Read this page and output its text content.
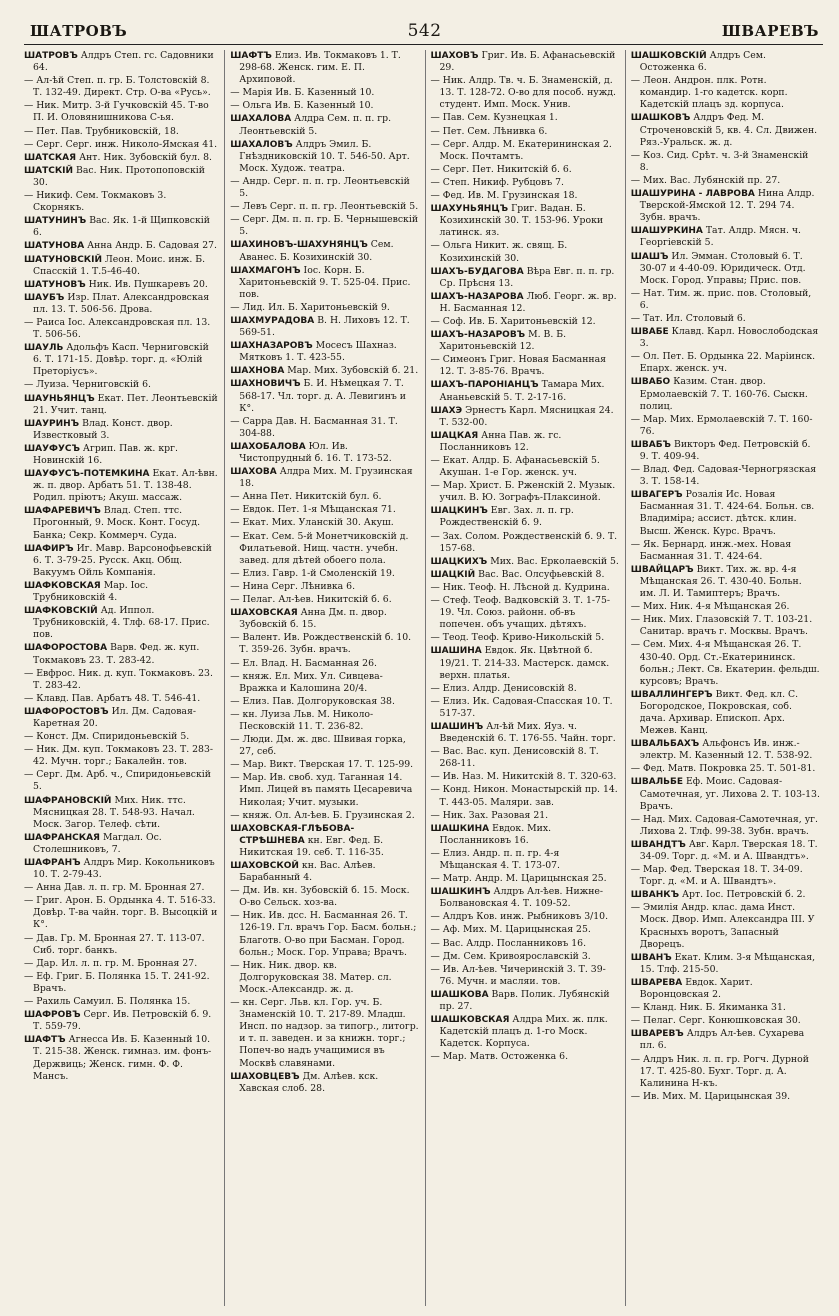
ШАТРОВЪ	542	ШВАРЕВЪ

ШАТРОВЪ Алдръ Степ. гс. Садовники 64.

— Ал-ѣй Степ. п. гр. Б. Толстовскій 8. Т. 132-49. Директ. Стр. О-ва «Русь».

— Ник. Митр. 3-й Гучковскій 45. Т-во П. И. Оловянишникова С-ья.

— Пет. Пав. Трубниковскій, 18.

— Серг. Серг. инж. Николо-Ямская 41.

ШАТСКАЯ Ант. Ник. Зубовскій бул. 8.

ШАТСКІЙ Вас. Ник. Протопоповскій 30.

— Никиф. Сем. Токмаковъ 3. Скорнякъ.

ШАТУНИНЪ Вас. Як. 1-й Щипковскій 6.

ШАТУНОВА Анна Андр. Б. Садовая 27.

ШАТУНОВСКІЙ Леон. Моис. инж. Б. Спасскій 1. Т.5-46-40.

ШАТУНОВЪ Ник. Ив. Пушкаревъ 20.

ШАУБЪ Изр. Плат. Александровская пл. 13. Т. 506-56. Дрова.

— Раиса Іос. Александровская пл. 13. Т. 506-56.

ШАУЛЬ Адольфъ Касп. Черниговскій 6. Т. 171-15. Довѣр. торг. д. «Юлій Преторіусъ».

— Луиза. Черниговскій 6.

ШАУНЬЯНЦЪ Екат. Пет. Леонтьевскій 21. Учит. танц.

ШАУРИНЪ Влад. Конст. двор. Известковый 3.

ШАУФУСЪ Агрип. Пав. ж. крг. Новинскій 16.

ШАУФУСЪ-ПОТЕМКИНА Екат. Ал-ѣвн. ж. п. двор. Арбатъ 51. Т. 138-48. Родил. пріютъ; Акуш. массаж.

ШАФАРЕВИЧЪ Влад. Степ. ттс. Прогонный, 9. Моск. Конт. Госуд. Банка; Секр. Коммерч. Суда.

ШАФИРЪ Иг. Мавр. Варсонофьевскій 6. Т. 3-79-25. Русск. Акц. Общ. Вакуумъ Ойль Компанія.

ШАФКОВСКАЯ Мар. Іос. Трубниковскій 4.

ШАФКОВСКІЙ Ад. Иппол. Трубниковскій, 4. Тлф. 68-17. Прис. пов.

ШАФОРОСТОВА Варв. Фед. ж. куп. Токмаковъ 23. Т. 283-42.

— Евфрос. Ник. д. куп. Токмаковъ. 23. Т. 283-42.

— Клавд. Пав. Арбатъ 48. Т. 546-41.

ШАФОРОСТОВЪ Ил. Дм. Садовая-Каретная 20.

— Конст. Дм. Спиридоньевскій 5.

— Ник. Дм. куп. Токмаковъ 23. Т. 283-42. Мучн. торг.; Бакалейн. тов.

— Серг. Дм. Арб. ч., Спиридоньевскій 5.

ШАФРАНОВСКІЙ Мих. Ник. ттс. Мясницкая 28. Т. 548-93. Начал. Моск. Загор. Телеф. сѣти.

ШАФРАНСКАЯ Магдал. Ос. Столешниковъ, 7.

ШАФРАНЪ Алдръ Мир. Кокольниковъ 10. Т. 2-79-43.

— Анна Дав. л. п. гр. М. Бронная 27.

— Григ. Арон. Б. Ордынка 4. Т. 516-33. Довѣр. Т-ва чайн. торг. В. Высоцкій и К°.

— Дав. Гр. М. Бронная 27. Т. 113-07. Сиб. торг. банкъ.

— Дар. Ил. л. п. гр. М. Бронная 27.

— Еф. Григ. Б. Полянка 15. Т. 241-92. Врачъ.

— Рахиль Самуил. Б. Полянка 15.

ШАФРОВЪ Серг. Ив. Петровскій б. 9. Т. 559-79.

ШАФТЪ Агнесса Ив. Б. Казенный 10. Т. 215-38. Женск. гимназ. им. фонъ-Держвиць; Женск. гимн. Ф. Ф. Мансъ.

ШАФТЪ Елиз. Ив. Токмаковъ 1. Т. 298-68. Женск. гим. Е. П. Архиповой.

— Марія Ив. Б. Казенный 10.

— Ольга Ив. Б. Казенный 10.

ШАХАЛОВА Алдра Сем. п. п. гр. Леонтьевскій 5.

ШАХАЛОВЪ Алдръ Эмил. Б. Гнѣздниковскій 10. Т. 546-50. Арт. Моск. Худож. театра.

— Андр. Серг. п. п. гр. Леонтьевскій 5.

— Левъ Серг. п. п. гр. Леонтьевскій 5.

— Серг. Дм. п. п. гр. Б. Чернышевскій 5.

ШАХИНОВЪ-ШАХУНЯНЦЪ Сем. Аванес. Б. Козихинскій 30.

ШАХМАГОНЪ Іос. Корн. Б. Харитоньевскій 9. Т. 525-04. Прис. пов.

— Лид. Ил. Б. Харитоньевскій 9.

ШАХМУРАДОВА В. Н. Лиховъ 12. Т. 569-51.

ШАХНАЗАРОВЪ Мосесъ Шахназ. Мятковъ 1. Т. 423-55.

ШАХНОВА Мар. Мих. Зубовскій б. 21.

ШАХНОВИЧЪ Б. И. Нѣмецкая 7. Т. 568-17. Чл. торг. д. А. Левигинъ и К°.

— Сарра Дав. Н. Басманная 31. Т. 304-88.

ШАХОБАЛОВА Юл. Ив. Чистопрудный б. 16. Т. 173-52.

ШАХОВА Алдра Мих. М. Грузинская 18.

— Анна Пет. Никитскій бул. 6.

— Евдок. Пет. 1-я Мѣщанская 71.

— Екат. Мих. Уланскій 30. Акуш.

— Екат. Сем. 5-й Монетчиковскій д. Филатьевой. Нищ. частн. учебн. завед. для дѣтей обоего пола.

— Елиз. Гавр. 1-й Смоленскій 19.

— Нина Серг. Лѣнивка 6.

— Пелаг. Ал-ѣев. Никитскій б. 6.

ШАХОВСКАЯ Анна Дм. п. двор. Зубовскій б. 15.

— Валент. Ив. Рождественскій б. 10. Т. 359-26. Зубн. врачъ.

— Ел. Влад. Н. Басманная 26.

— княж. Ел. Мих. Ул. Сивцева-Вражка и Калошина 20/4.

— Елиз. Пав. Долгоруковская 38.

— кн. Луиза Льв. М. Николо-Песковскій 11. Т. 236-82.

— Люди. Дм. ж. двс. Швивая горка, 27, себ.

— Мар. Викт. Тверская 17. Т. 125-99.

— Мар. Ив. своб. худ. Таганная 14. Имп. Лицей въ память Цесаревича Николая; Учит. музыки.

— княж. Ол. Ал-ѣев. Б. Грузинская 2.

ШАХОВСКАЯ-ГЛѢБОВА-СТРѢШНЕВА кн. Евг. Фед. Б. Никитская 19. себ. Т. 116-35.

ШАХОВСКОЙ кн. Вас. Алѣев. Барабанный 4.

— Дм. Ив. кн. Зубовскій б. 15. Моск. О-во Сельск. хоз-ва.

— Ник. Ив. дсс. Н. Басманная 26. Т. 126-19. Гл. врачъ Гор. Басм. больн.; Благотв. О-во при Басман. Город. больн.; Моск. Гор. Управа; Врачъ.

— Ник. Ник. двор. кв. Долгоруковская 38. Матер. сл. Моск.-Александр. ж. д.

— кн. Серг. Льв. кл. Гор. уч. Б. Знаменскій 10. Т. 217-89. Младш. Инсп. по надзор. за типогр., литогр. и т. п. заведен. и за книжн. торг.; Попеч-во надъ учащимися въ Москвѣ славянами.

ШАХОВЦЕВЪ Дм. Алѣев. кск. Хавская слоб. 28.

ШАХОВЪ Григ. Ив. Б. Афанасьевскій 29.

— Ник. Алдр. Тв. ч. Б. Знаменскій, д. 13. Т. 128-72. О-во для пособ. нужд. студент. Имп. Моск. Унив.

— Пав. Сем. Кузнецкая 1.

— Пет. Сем. Лѣнивка 6.

— Серг. Алдр. М. Екатерининская 2. Моск. Почтамтъ.

— Серг. Пет. Никитскій б. 6.

— Степ. Никиф. Рубцовъ 7.

— Фед. Ив. М. Грузинская 18.

ШАХУНЬЯНЦЪ Григ. Вадан. Б. Козихинскій 30. Т. 153-96. Уроки латинск. яз.

— Ольга Никит. ж. свящ. Б. Козихинскій 30.

ШАХЪ-БУДАГОВА Вѣра Евг. п. п. гр. Ср. Прѣсня 13.

ШАХЪ-НАЗАРОВА Люб. Георг. ж. вр. Н. Басманная 12.

— Соф. Ив. Б. Харитоньевскій 12.

ШАХЪ-НАЗАРОВЪ М. В. Б. Харитоньевскій 12.

— Симеонъ Григ. Новая Басманная 12. Т. 3-85-76. Врачъ.

ШАХЪ-ПАРОНІАНЦЪ Тамара Мих. Ананьевскій 5. Т. 2-17-16.

ШАХЭ Эрнестъ Карл. Мясницкая 24. Т. 532-00.

ШАЦКАЯ Анна Пав. ж. гс. Посланниковъ 12.

— Екат. Алдр. Б. Афанасьевскій 5. Акушан. 1-е Гор. женск. уч.

— Мар. Христ. Б. Рженскій 2. Музык. учил. В. Ю. Зографъ-Плаксиной.

ШАЦКИНЪ Евг. Зах. л. п. гр. Рождественскій б. 9.

— Зах. Солом. Рождественскій б. 9. Т. 157-68.

ШАЦКИХЪ Мих. Вас. Ерколаевскій 5.

ШАЦКІЙ Вас. Вас. Олсуфьевскій 8.

— Ник. Теоф. Н. Лѣсной д. Кудрина.

— Стеф. Теоф. Вадковскій 3. Т. 1-75-19. Чл. Союз. районн. об-въ попечен. объ учащих. дѣтяхъ.

— Теод. Теоф. Криво-Никольскій 5.

ШАШИНА Евдок. Як. Цвѣтной б. 19/21. Т. 214-33. Мастерск. дамск. верхн. платья.

— Елиз. Алдр. Денисовскій 8.

— Елиз. Ик. Садовая-Спасская 10. Т. 517-37.

ШАШИНЪ Ал-ѣй Мих. Яуз. ч. Введенскій 6. Т. 176-55. Чайн. торг.

— Вас. Вас. куп. Денисовскій 8. Т. 268-11.

— Ив. Наз. М. Никитскій 8. Т. 320-63.

— Конд. Никон. Монастырскій пр. 14. Т. 443-05. Маляри. зав.

— Ник. Зах. Разовая 21.

ШАШКИНА Евдок. Мих. Посланниковъ 16.

— Елиз. Андр. п. п. гр. 4-я Мѣщанская 4. Т. 173-07.

— Матр. Андр. М. Царицынская 25.

ШАШКИНЪ Алдръ Ал-ѣев. Нижне-Болвановская 4. Т. 109-52.

— Алдръ Ков. инж. Рыбниковъ 3/10.

— Аф. Мих. М. Царицынская 25.

— Вас. Алдр. Посланниковъ 16.

— Дм. Сем. Кривоярославскій 3.

— Ив. Ал-ѣев. Чичеринскій 3. Т. 39-76. Мучн. и масляи. тов.

ШАШКОВА Варв. Полик. Лубянскій пр. 27.

ШАШКОВСКАЯ Алдра Мих. ж. плк. Кадетскій плацъ д. 1-го Моск. Кадетск. Корпуса.

— Мар. Матв. Остоженка 6.

ШАШКОВСКІЙ Алдръ Сем. Остоженка 6.

— Леон. Андрон. плк. Ротн. командир. 1-го кадетск. корп. Кадетскій плацъ зд. корпуса.

ШАШКОВЪ Алдръ Фед. М. Строченовскій 5, кв. 4. Сл. Движен. Ряз.-Уральск. ж. д.

— Коз. Сид. Срѣт. ч. 3-й Знаменскій 8.

— Мих. Вас. Лубянскій пр. 27.

ШАШУРИНА - ЛАВРОВА Нина Алдр. Тверской-Ямской 12. Т. 294 74. Зубн. врачъ.

ШАШУРКИНА Тат. Алдр. Мясн. ч. Георгіевскій 5.

ШАШЪ Ил. Эмман. Столовый 6. Т. 30-07 и 4-40-09. Юридическ. Отд. Моск. Город. Управы; Прис. пов.

— Нат. Тим. ж. прис. пов. Столовый, 6.

— Тат. Ил. Столовый 6.

ШВАБЕ Клавд. Карл. Новослободская 3.

— Ол. Пет. Б. Ордынка 22. Маріинск. Епарх. женск. уч.

ШВАБО Казим. Стан. двор. Ермолаевскій 7. Т. 160-76. Сыскн. полиц.

— Мар. Мих. Ермолаевскій 7. Т. 160-76.

ШВАБЪ Викторъ Фед. Петровскій б. 9. Т. 409-94.

— Влад. Фед. Садовая-Черногрязская 3. Т. 158-14.

ШВАГЕРЪ Розалія Ис. Новая Басманная 31. Т. 424-64. Больн. св. Владиміра; ассист. дѣтск. клин. Высш. Женск. Курс. Врачъ.

— Як. Бернард. инж.-мех. Новая Басманная 31. Т. 424-64.

ШВАЙЦАРЪ Викт. Тих. ж. вр. 4-я Мѣщанская 26. Т. 430-40. Больн. им. Л. И. Тамиптеръ; Врачъ.

— Мих. Ник. 4-я Мѣщанская 26.

— Ник. Мих. Глазовскій 7. Т. 103-21. Санитар. врачъ г. Москвы. Врачъ.

— Сем. Мих. 4-я Мѣщанская 26. Т. 430-40. Орд. Ст.-Екатерининск. больн.; Лект. Св. Екатерин. фельдш. курсовъ; Врачъ.

ШВАЛЛИНГЕРЪ Викт. Фед. кл. С. Богородское, Покровская, соб. дача. Архивар. Епископ. Арх. Межев. Канц.

ШВАЛЬБАХЪ Альфонсъ Ив. инж.-электр. М. Казенный 12. Т. 538-92.

— Фед. Матв. Покровка 25. Т. 501-81.

ШВАЛЬБЕ Еф. Моис. Садовая-Самотечная, уг. Лихова 2. Т. 103-13. Врачъ.

— Над. Мих. Садовая-Самотечная, уг. Лихова 2. Тлф. 99-38. Зубн. врачъ.

ШВАНДТЪ Авг. Карл. Тверская 18. Т. 34-09. Торг. д. «М. и А. Швандтъ».

— Мар. Фед. Тверская 18. Т. 34-09. Торг. д. «М. и А. Швандтъ».

ШВАНКЪ Арт. Іос. Петровскій б. 2.

— Эмилія Андр. клас. дама Инст. Моск. Двор. Имп. Александра III. У Красныхъ воротъ, Запасный Дворецъ.

ШВАНЪ Екат. Клим. 3-я Мѣщанская, 15. Тлф. 215-50.

ШВАРЕВА Евдок. Харит. Воронцовская 2.

— Кланд. Ник. Б. Якиманка 31.

— Пелаг. Серг. Конюшковская 30.

ШВАРЕВЪ Алдръ Ал-ѣев. Сухарева пл. 6.

— Алдръ Ник. л. п. гр. Рогч. Дурной 17. Т. 425-80. Бухг. Торг. д. А. Калинина Н-къ.

— Ив. Мих. М. Царицынская 39.
